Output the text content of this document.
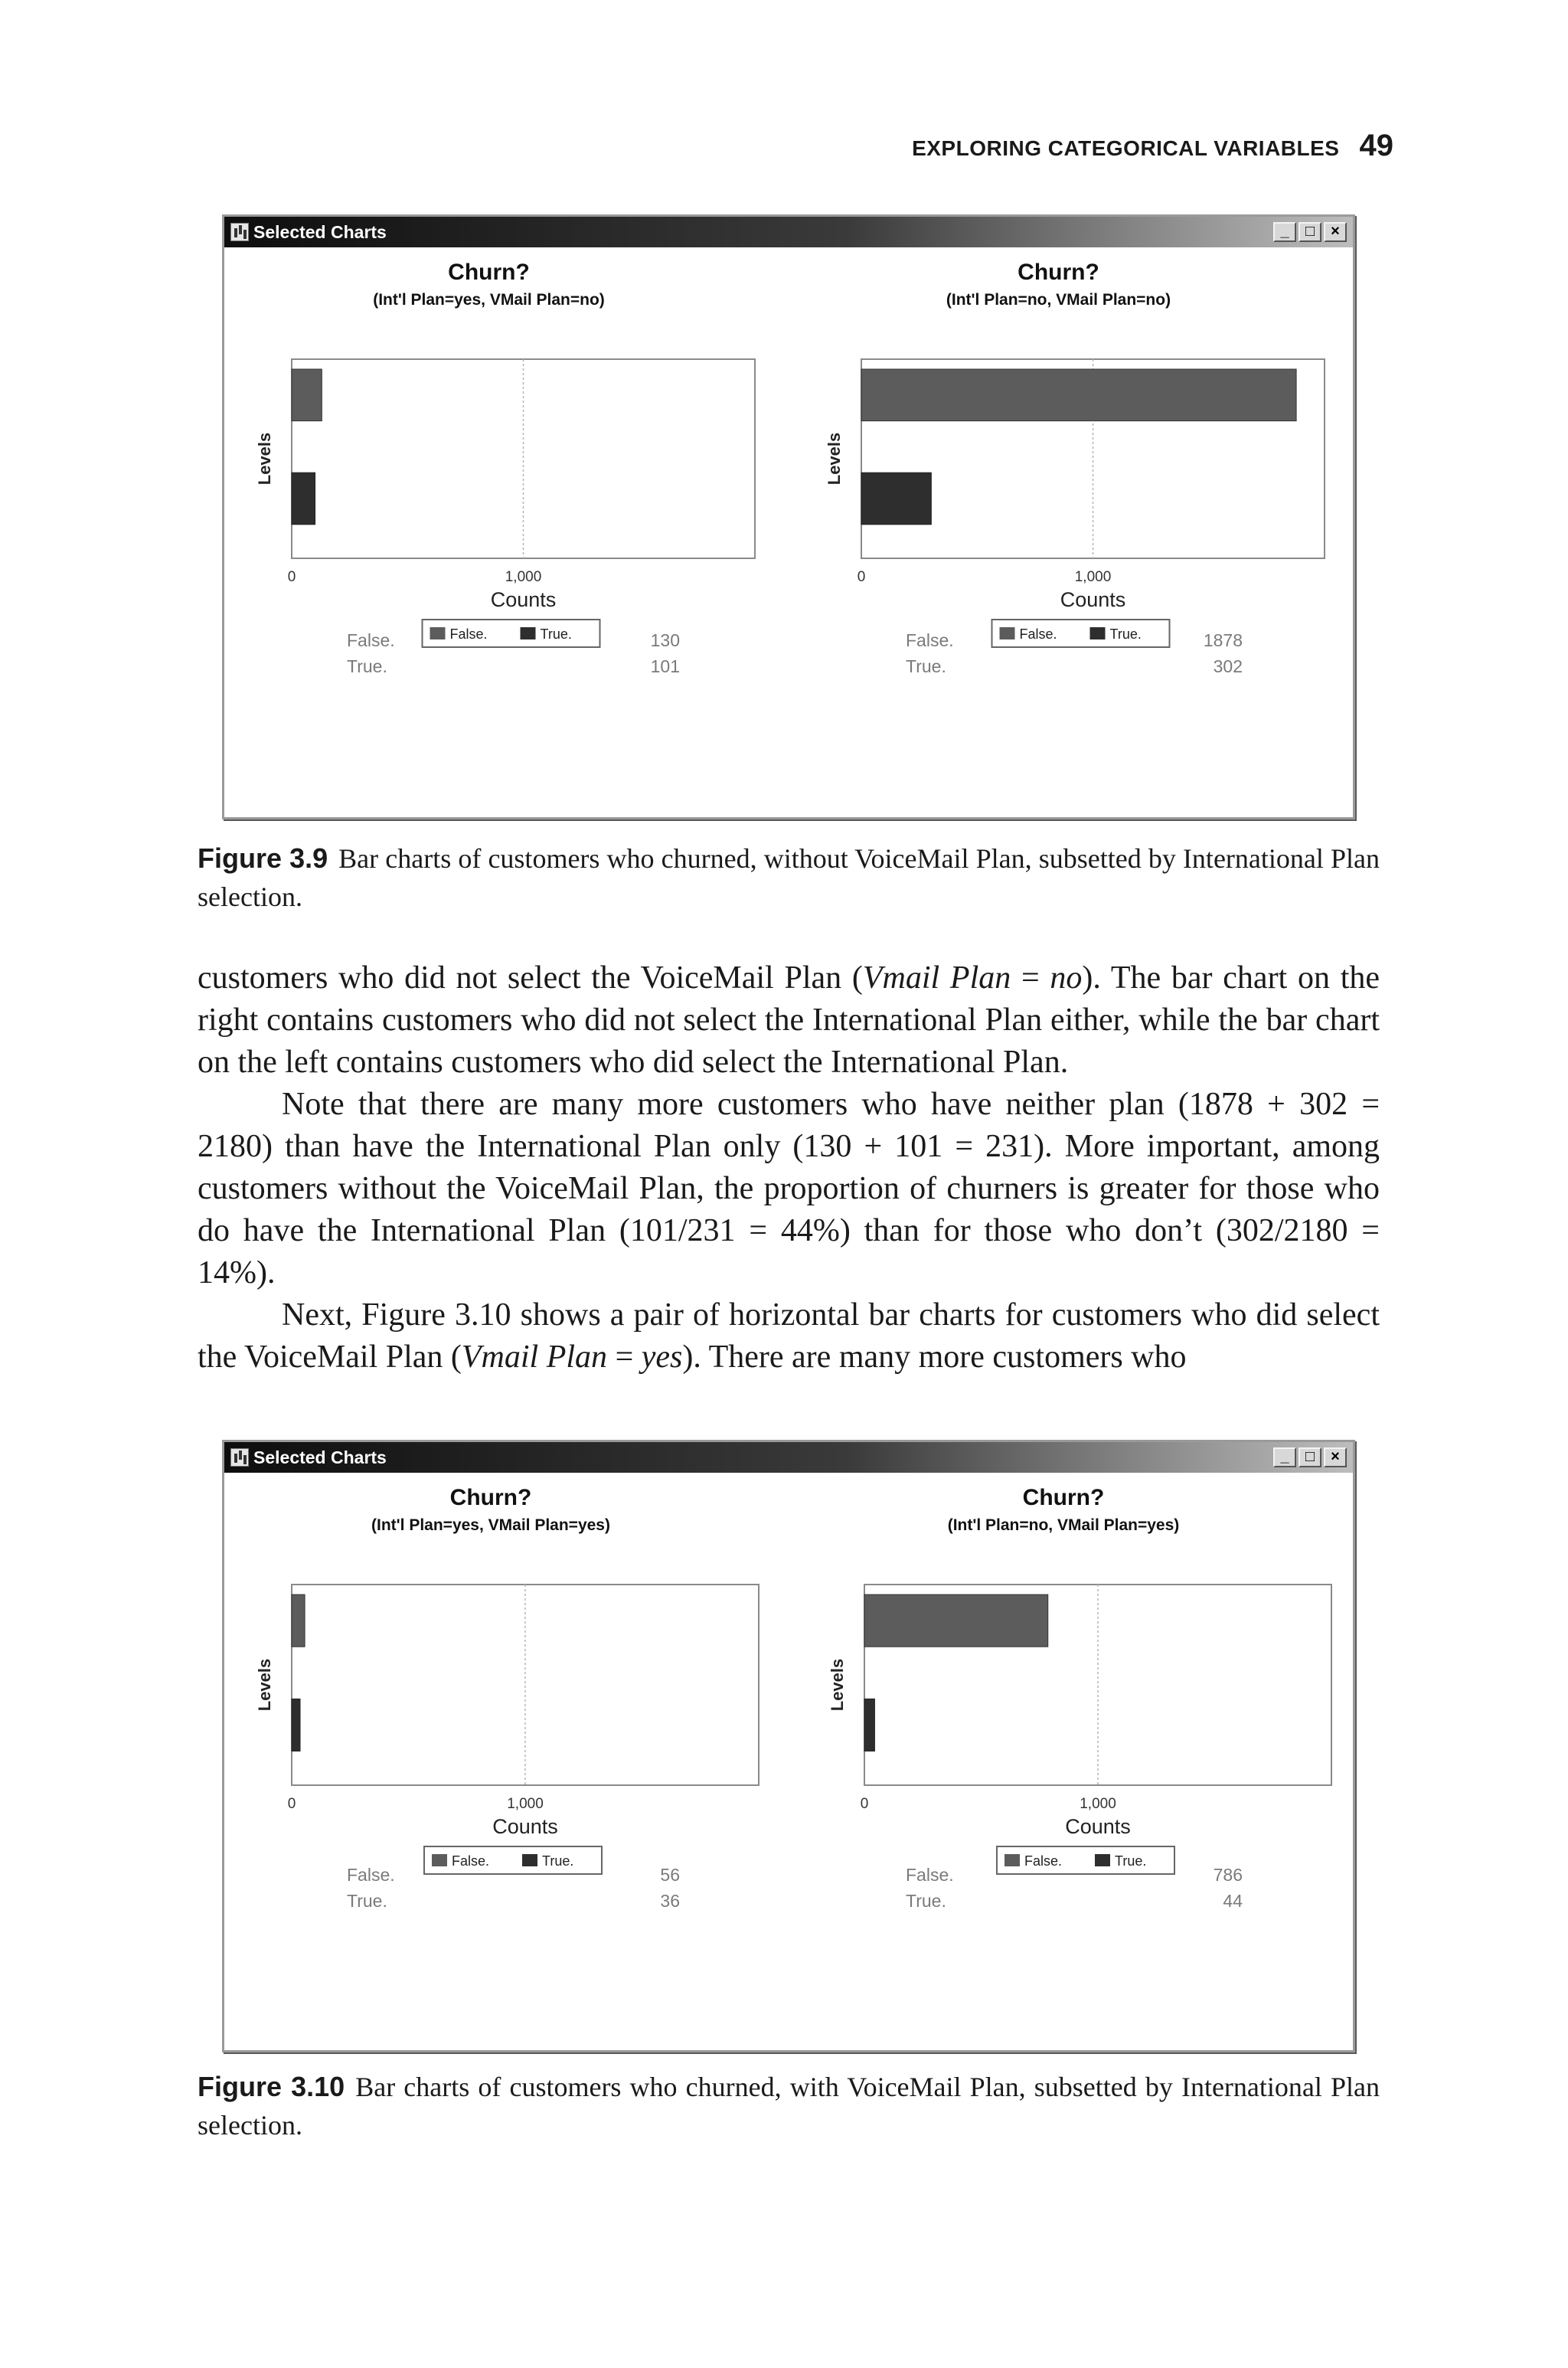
EXPLORING CATEGORICAL VARIABLES 49
Selected Charts	_	□	×
Churn?
(Int'l Plan=yes, VMail Plan=no)
Levels
0	1,000
Counts
False.	True.
Churn?
(Int'l Plan=no, VMail Plan=no)
Levels
0	1,000
Counts
False.	True.
False.	130
True.	101
False.	1878
True.	302
Figure 3.9 Bar charts of customers who churned, without VoiceMail Plan, subsetted by International Plan selection.

customers who did not select the VoiceMail Plan (Vmail Plan = no). The bar chart on the right contains customers who did not select the International Plan either, while the bar chart on the left contains customers who did select the International Plan.

Note that there are many more customers who have neither plan (1878 + 302 = 2180) than have the International Plan only (130 + 101 = 231). More important, among customers without the VoiceMail Plan, the proportion of churners is greater for those who do have the International Plan (101/231 = 44%) than for those who don’t (302/2180 = 14%).

Next, Figure 3.10 shows a pair of horizontal bar charts for customers who did select the VoiceMail Plan (Vmail Plan = yes). There are many more customers who

Selected Charts	_	□	×
Churn?
(Int'l Plan=yes, VMail Plan=yes)
Levels
0	1,000
Counts
False.	True.
Churn?
(Int'l Plan=no, VMail Plan=yes)
Levels
0	1,000
Counts
False.	True.
False.	56
True.	36
False.	786
True.	44
Figure 3.10 Bar charts of customers who churned, with VoiceMail Plan, subsetted by International Plan selection.
